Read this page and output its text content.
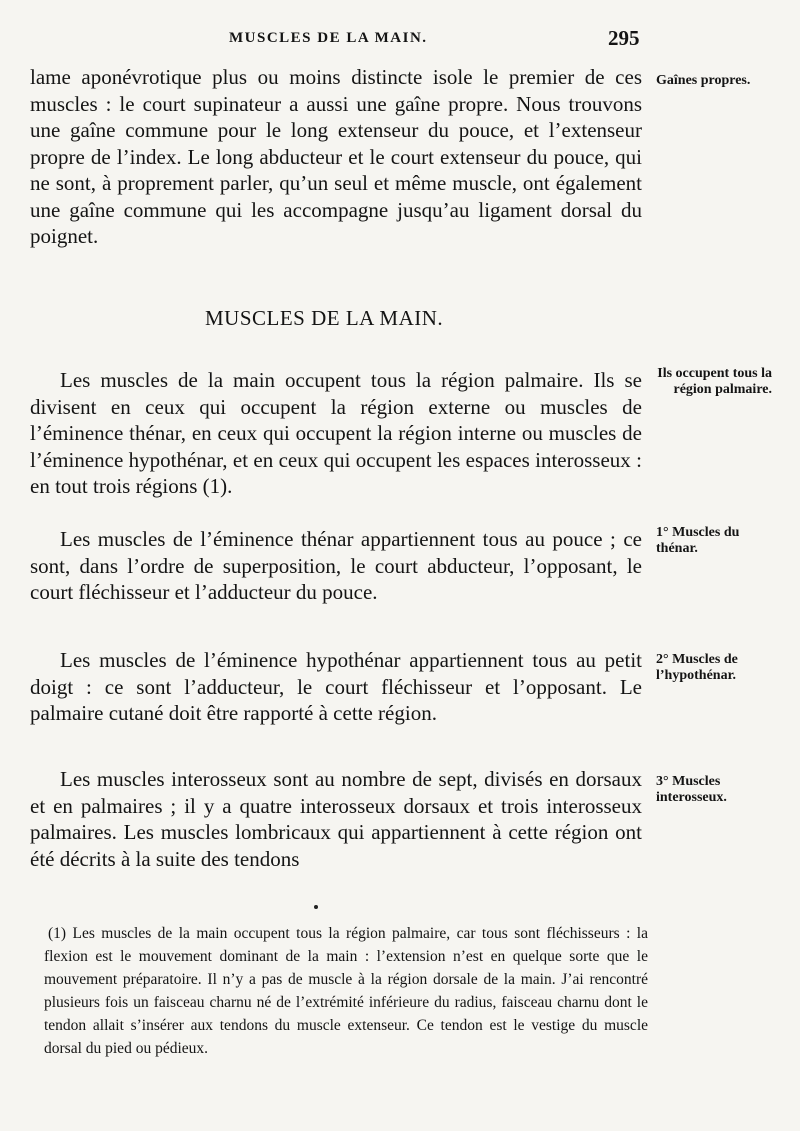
MUSCLES DE LA MAIN.	295

lame aponévrotique plus ou moins distincte isole le premier de ces muscles : le court supinateur a aussi une gaîne propre. Nous trouvons une gaîne commune pour le long extenseur du pouce, et l’extenseur propre de l’index. Le long abducteur et le court extenseur du pouce, qui ne sont, à proprement parler, qu’un seul et même muscle, ont également une gaîne commune qui les accompagne jusqu’au ligament dorsal du poignet.

MUSCLES DE LA MAIN.

Les muscles de la main occupent tous la région palmaire. Ils se divisent en ceux qui occupent la région externe ou muscles de l’éminence thénar, en ceux qui occupent la région interne ou muscles de l’éminence hypothénar, et en ceux qui occupent les espaces interosseux : en tout trois régions (1).

Les muscles de l’éminence thénar appartiennent tous au pouce ; ce sont, dans l’ordre de superposition, le court abducteur, l’opposant, le court fléchisseur et l’adducteur du pouce.

Les muscles de l’éminence hypothénar appartiennent tous au petit doigt : ce sont l’adducteur, le court fléchisseur et l’opposant. Le palmaire cutané doit être rapporté à cette région.

Les muscles interosseux sont au nombre de sept, divisés en dorsaux et en palmaires ; il y a quatre interosseux dorsaux et trois interosseux palmaires. Les muscles lombricaux qui appartiennent à cette région ont été décrits à la suite des tendons

Gaînes propres.
Ils occupent tous la région palmaire.
1° Muscles du thénar.
2° Muscles de l’hypothénar.
3° Muscles interosseux.

(1) Les muscles de la main occupent tous la région palmaire, car tous sont fléchisseurs : la flexion est le mouvement dominant de la main : l’extension n’est en quelque sorte que le mouvement préparatoire. Il n’y a pas de muscle à la région dorsale de la main. J’ai rencontré plusieurs fois un faisceau charnu né de l’extrémité inférieure du radius, faisceau charnu dont le tendon allait s’insérer aux tendons du muscle extenseur. Ce tendon est le vestige du muscle dorsal du pied ou pédieux.
